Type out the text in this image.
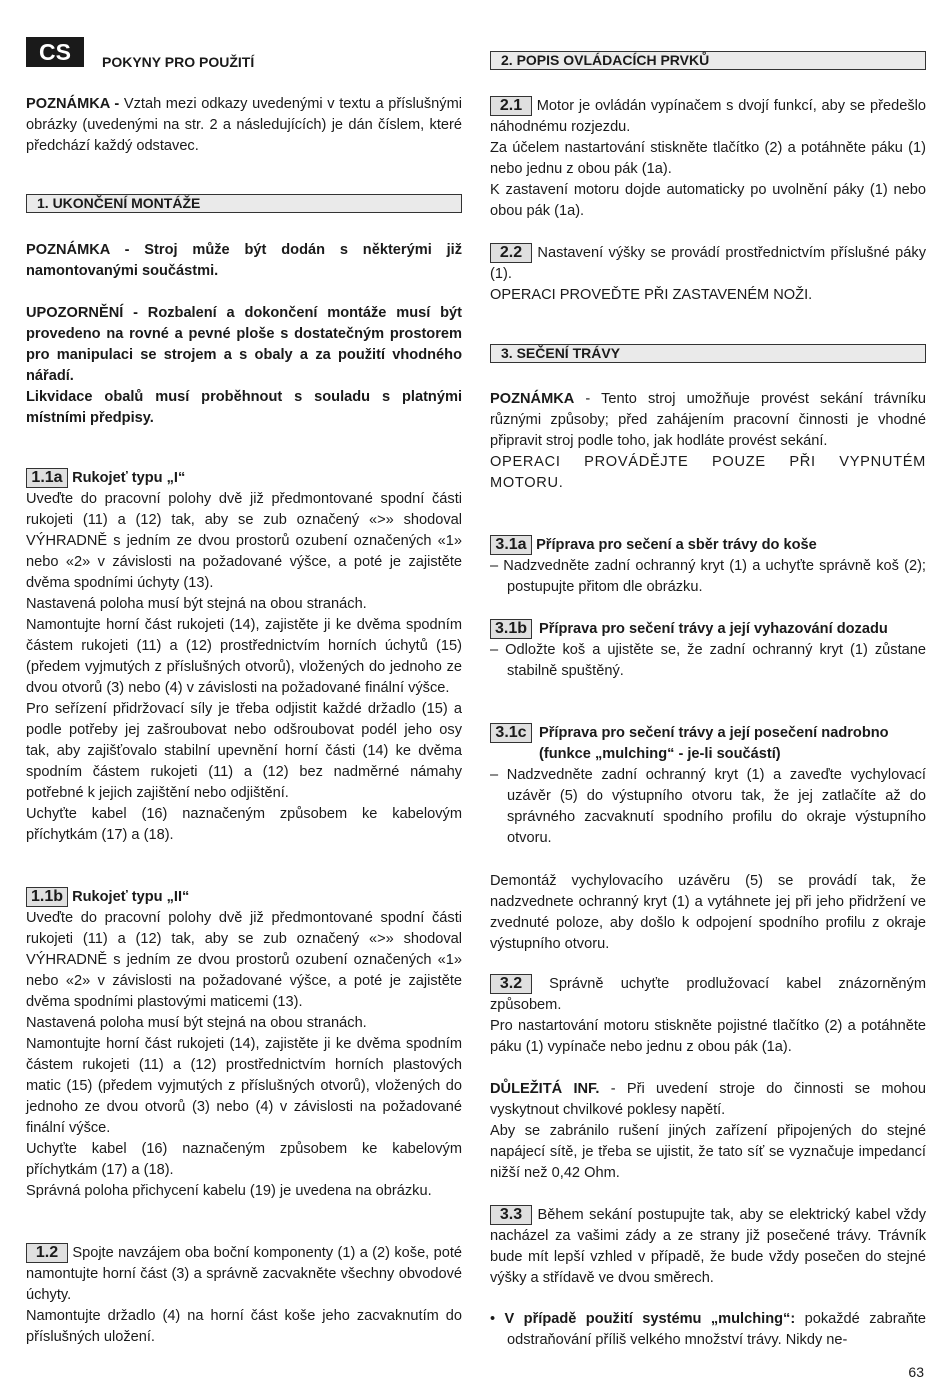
CS	POKYNY PRO POUŽITÍ

POZNÁMKA - Vztah mezi odkazy uvedenými v textu a příslušnými obrázky (uvedenými na str. 2 a následujících) je dán číslem, které předchází každý odstavec.

1. UKONČENÍ MONTÁŽE

POZNÁMKA - Stroj může být dodán s některými již namontovanými součástmi.

UPOZORNĚNÍ - Rozbalení a dokončení montáže musí být provedeno na rovné a pevné ploše s dostatečným prostorem pro manipulaci se strojem a s obaly a za použití vhodného nářadí.

Likvidace obalů musí proběhnout s souladu s platnými místními předpisy.

1.1a Rukojeť typu „I“

Uveďte do pracovní polohy dvě již předmontované spodní části rukojeti (11) a (12) tak, aby se zub označený «>» shodoval VÝHRADNĚ s jedním ze dvou prostorů ozubení označených «1» nebo «2» v závislosti na požadované výšce, a poté je zajistěte dvěma spodními úchyty (13).

Nastavená poloha musí být stejná na obou stranách.

Namontujte horní část rukojeti (14), zajistěte ji ke dvěma spodním částem rukojeti (11) a (12) prostřednictvím horních úchytů (15) (předem vyjmutých z příslušných otvorů), vložených do jednoho ze dvou otvorů (3) nebo (4) v závislosti na požadované finální výšce.

Pro seřízení přidržovací síly je třeba odjistit každé držadlo (15) a podle potřeby jej zašroubovat nebo odšroubovat podél jeho osy tak, aby zajišťovalo stabilní upevnění horní části (14) ke dvěma spodním částem rukojeti (11) a (12) bez nadměrné námahy potřebné k jejich zajištění nebo odjištění.

Uchyťte kabel (16) naznačeným způsobem ke kabelovým příchytkám (17) a (18).

1.1b Rukojeť typu „II“

Uveďte do pracovní polohy dvě již předmontované spodní části rukojeti (11) a (12) tak, aby se zub označený «>» shodoval VÝHRADNĚ s jedním ze dvou prostorů ozubení označených «1» nebo «2» v závislosti na požadované výšce, a poté je zajistěte dvěma spodními plastovými maticemi (13).

Nastavená poloha musí být stejná na obou stranách.

Namontujte horní část rukojeti (14), zajistěte ji ke dvěma spodním částem rukojeti (11) a (12) prostřednictvím horních plastových matic (15) (předem vyjmutých z příslušných otvorů), vložených do jednoho ze dvou otvorů (3) nebo (4) v závislosti na požadované finální výšce.

Uchyťte kabel (16) naznačeným způsobem ke kabelovým příchytkám (17) a (18).

Správná poloha přichycení kabelu (19) je uvedena na obrázku.

1.2 Spojte navzájem oba boční komponenty (1) a (2) koše, poté namontujte horní část (3) a správně zacvakněte všechny obvodové úchyty.

Namontujte držadlo (4) na horní část koše jeho zacvaknutím do příslušných uložení.

2. POPIS OVLÁDACÍCH PRVKŮ

2.1 Motor je ovládán vypínačem s dvojí funkcí, aby se předešlo náhodnému rozjezdu.

Za účelem nastartování stiskněte tlačítko (2) a potáhněte páku (1) nebo jednu z obou pák (1a).

K zastavení motoru dojde automaticky po uvolnění páky (1) nebo obou pák (1a).

2.2 Nastavení výšky se provádí prostřednictvím příslušné páky (1).

OPERACI PROVEĎTE PŘI ZASTAVENÉM NOŽI.

3. SEČENÍ TRÁVY

POZNÁMKA - Tento stroj umožňuje provést sekání trávníku různými způsoby; před zahájením pracovní činnosti je vhodné připravit stroj podle toho, jak hodláte provést sekání.

OPERACI PROVÁDĚJTE POUZE PŘI VYPNUTÉM MOTORU.

3.1a Příprava pro sečení a sběr trávy do koše

– Nadzvedněte zadní ochranný kryt (1) a uchyťte správně koš (2); postupujte přitom dle obrázku.

3.1b Příprava pro sečení trávy a její vyhazování dozadu

– Odložte koš a ujistěte se, že zadní ochranný kryt (1) zůstane stabilně spuštěný.

3.1c Příprava pro sečení trávy a její posečení nadrobno (funkce „mulching“ - je-li součástí)

– Nadzvedněte zadní ochranný kryt (1) a zaveďte vychylovací uzávěr (5) do výstupního otvoru tak, že jej zatlačíte až do správného zacvaknutí spodního profilu do okraje výstupního otvoru.

Demontáž vychylovacího uzávěru (5) se provádí tak, že nadzvednete ochranný kryt (1) a vytáhnete jej při jeho přidržení ve zvednuté poloze, aby došlo k odpojení spodního profilu z okraje výstupního otvoru.

3.2 Správně uchyťte prodlužovací kabel znázorněným způsobem.

Pro nastartování motoru stiskněte pojistné tlačítko (2) a potáhněte páku (1) vypínače nebo jednu z obou pák (1a).

DŮLEŽITÁ INF. - Při uvedení stroje do činnosti se mohou vyskytnout chvilkové poklesy napětí.

Aby se zabránilo rušení jiných zařízení připojených do stejné napájecí sítě, je třeba se ujistit, že tato síť se vyznačuje impedancí nižší než 0,42 Ohm.

3.3 Během sekání postupujte tak, aby se elektrický kabel vždy nacházel za vašimi zády a ze strany již posečené trávy. Trávník bude mít lepší vzhled v případě, že bude vždy posečen do stejné výšky a střídavě ve dvou směrech.

• V případě použití systému „mulching“: pokaždé zabraňte odstraňování příliš velkého množství trávy. Nikdy ne-

63
